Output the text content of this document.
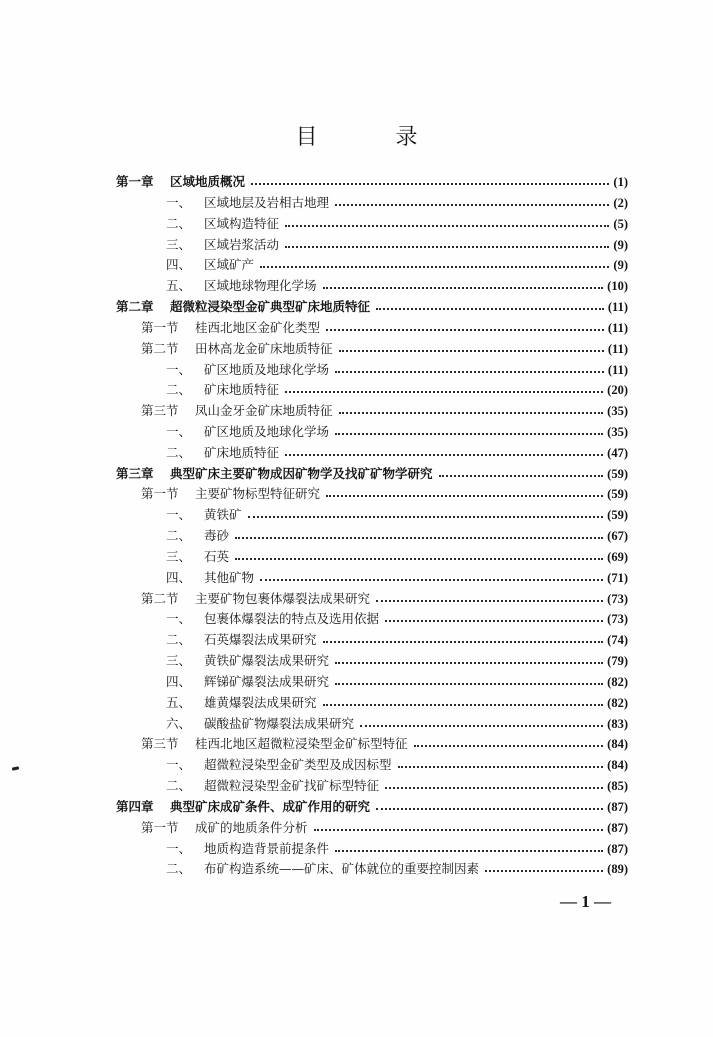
目　录
第一章 区域地质概况	(1)
一、 区域地层及岩相古地理	(2)
二、 区域构造特征	(5)
三、 区域岩浆活动	(9)
四、 区域矿产	(9)
五、 区域地球物理化学场	(10)
第二章 超微粒浸染型金矿典型矿床地质特征	(11)
第一节 桂西北地区金矿化类型	(11)
第二节 田林高龙金矿床地质特征	(11)
一、 矿区地质及地球化学场	(11)
二、 矿床地质特征	(20)
第三节 凤山金牙金矿床地质特征	(35)
一、 矿区地质及地球化学场	(35)
二、 矿床地质特征	(47)
第三章 典型矿床主要矿物成因矿物学及找矿矿物学研究	(59)
第一节 主要矿物标型特征研究	(59)
一、 黄铁矿	(59)
二、 毒砂	(67)
三、 石英	(69)
四、 其他矿物	(71)
第二节 主要矿物包裹体爆裂法成果研究	(73)
一、 包裹体爆裂法的特点及选用依据	(73)
二、 石英爆裂法成果研究	(74)
三、 黄铁矿爆裂法成果研究	(79)
四、 辉锑矿爆裂法成果研究	(82)
五、 雄黄爆裂法成果研究	(82)
六、 碳酸盐矿物爆裂法成果研究	(83)
第三节 桂西北地区超微粒浸染型金矿标型特征	(84)
一、 超微粒浸染型金矿类型及成因标型	(84)
二、 超微粒浸染型金矿找矿标型特征	(85)
第四章 典型矿床成矿条件、成矿作用的研究	(87)
第一节 成矿的地质条件分析	(87)
一、 地质构造背景前提条件	(87)
二、 布矿构造系统——矿床、矿体就位的重要控制因素	(89)
— 1 —
